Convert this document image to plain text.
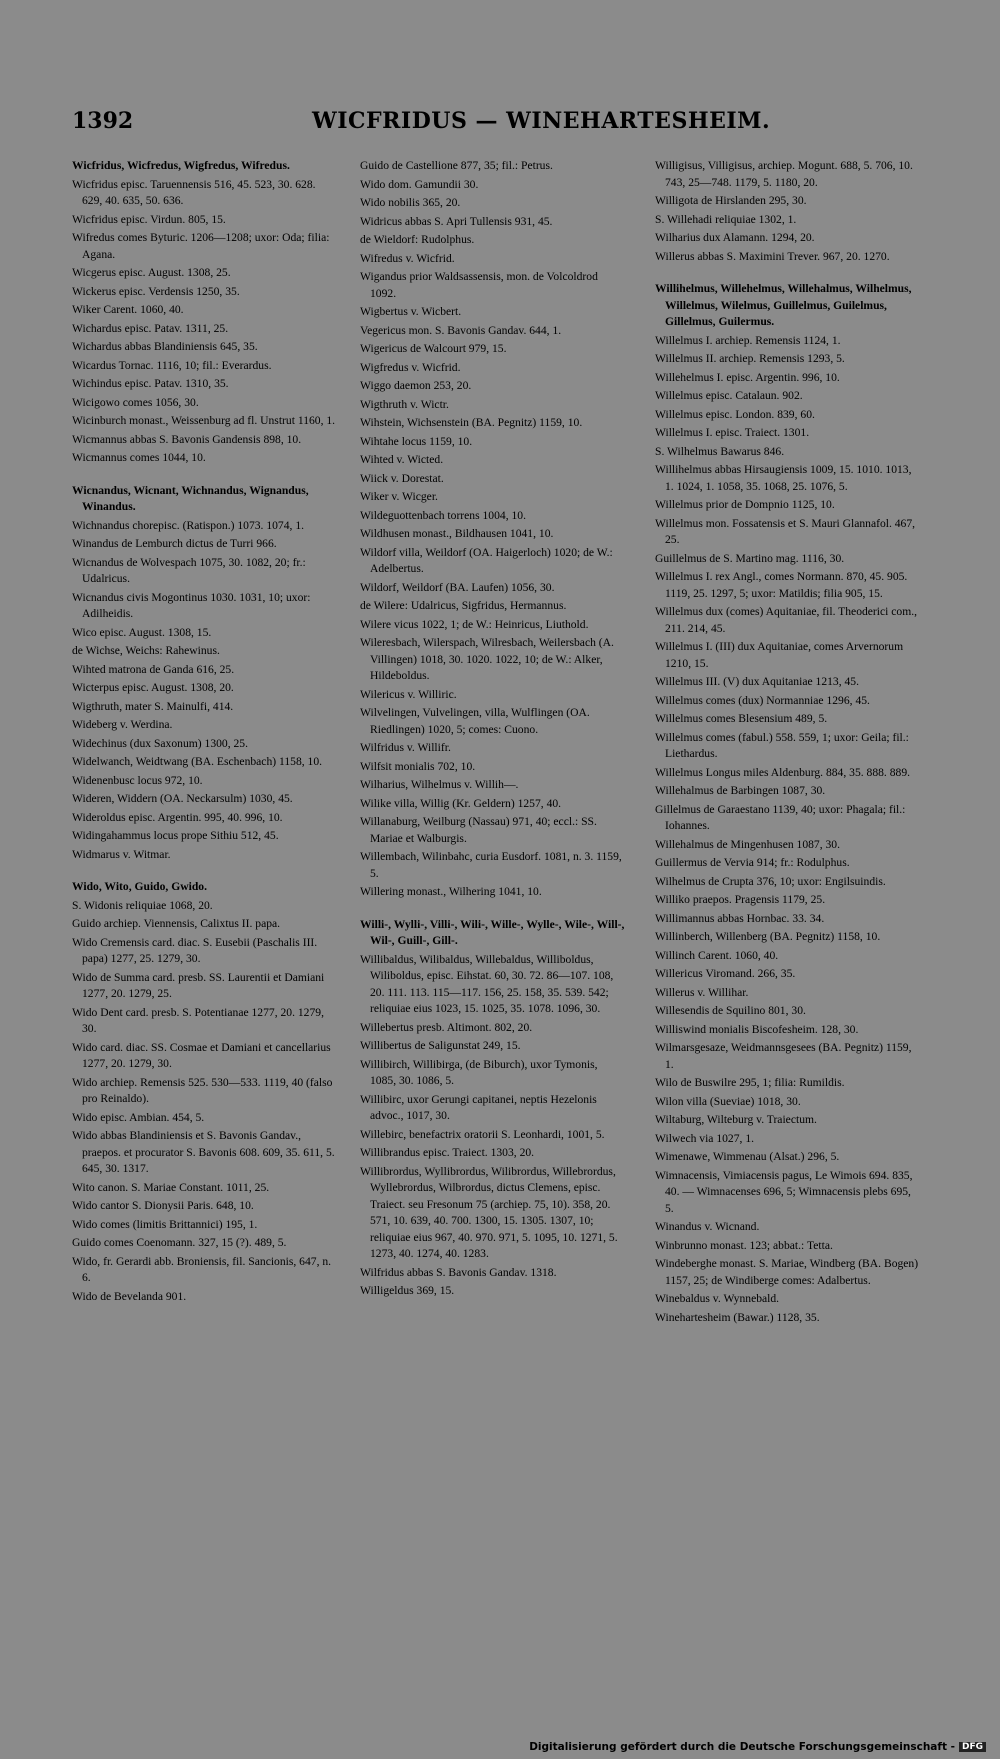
1392	WICFRIDUS — WINEHARTESHEIM.
Wicfridus, Wicfredus, Wigfredus, Wifredus.
Wicfridus episc. Taruennensis 516, 45. 523, 30. 628. 629, 40. 635, 50. 636.
Wicfridus episc. Virdun. 805, 15.
Wifredus comes Byturic. 1206—1208; uxor: Oda; filia: Agana.
Wicgerus episc. August. 1308, 25.
Wickerus episc. Verdensis 1250, 35.
Wiker Carent. 1060, 40.
Wichardus episc. Patav. 1311, 25.
Wichardus abbas Blandiniensis 645, 35.
Wicardus Tornac. 1116, 10; fil.: Everardus.
Wichindus episc. Patav. 1310, 35.
Wicigowo comes 1056, 30.
Wicinburch monast., Weissenburg ad fl. Unstrut 1160, 1.
Wicmannus abbas S. Bavonis Gandensis 898, 10.
Wicmannus comes 1044, 10.
Wicnandus, Wicnant, Wichnandus, Wignandus, Winandus.
Wichnandus chorepisc. (Ratispon.) 1073. 1074, 1.
Winandus de Lemburch dictus de Turri 966.
Wicnandus de Wolvespach 1075, 30. 1082, 20; fr.: Udalricus.
Wicnandus civis Mogontinus 1030. 1031, 10; uxor: Adilheidis.
Wico episc. August. 1308, 15.
de Wichse, Weichs: Rahewinus.
Wihted matrona de Ganda 616, 25.
Wicterpus episc. August. 1308, 20.
Wigthruth, mater S. Mainulfi, 414.
Wideberg v. Werdina.
Widechinus (dux Saxonum) 1300, 25.
Widelwanch, Weidtwang (BA. Eschenbach) 1158, 10.
Widenenbusc locus 972, 10.
Wideren, Widdern (OA. Neckarsulm) 1030, 45.
Wideroldus episc. Argentin. 995, 40. 996, 10.
Widingahammus locus prope Sithiu 512, 45.
Widmarus v. Witmar.
Wido, Wito, Guido, Gwido.
S. Widonis reliquiae 1068, 20.
Guido archiep. Viennensis, Calixtus II. papa.
Wido Cremensis card. diac. S. Eusebii (Paschalis III. papa) 1277, 25. 1279, 30.
Wido de Summa card. presb. SS. Laurentii et Damiani 1277, 20. 1279, 25.
Wido Dent card. presb. S. Potentianae 1277, 20. 1279, 30.
Wido card. diac. SS. Cosmae et Damiani et cancellarius 1277, 20. 1279, 30.
Wido archiep. Remensis 525. 530—533. 1119, 40 (falso pro Reinaldo).
Wido episc. Ambian. 454, 5.
Wido abbas Blandiniensis et S. Bavonis Gandav., praepos. et procurator S. Bavonis 608. 609, 35. 611, 5. 645, 30. 1317.
Wito canon. S. Mariae Constant. 1011, 25.
Wido cantor S. Dionysii Paris. 648, 10.
Wido comes (limitis Brittannici) 195, 1.
Guido comes Coenomann. 327, 15 (?). 489, 5.
Wido, fr. Gerardi abb. Broniensis, fil. Sancionis, 647, n. 6.
Wido de Bevelanda 901.
Guido de Castellione 877, 35; fil.: Petrus.
Wido dom. Gamundii 30.
Wido nobilis 365, 20.
Widricus abbas S. Apri Tullensis 931, 45.
de Wieldorf: Rudolphus.
Wifredus v. Wicfrid.
Wigandus prior Waldsassensis, mon. de Volcoldrod 1092.
Wigbertus v. Wicbert.
Vegericus mon. S. Bavonis Gandav. 644, 1.
Wigericus de Walcourt 979, 15.
Wigfredus v. Wicfrid.
Wiggo daemon 253, 20.
Wigthruth v. Wictr.
Wihstein, Wichsenstein (BA. Pegnitz) 1159, 10.
Wihtahe locus 1159, 10.
Wihted v. Wicted.
Wiick v. Dorestat.
Wiker v. Wicger.
Wildeguottenbach torrens 1004, 10.
Wildhusen monast., Bildhausen 1041, 10.
Wildorf villa, Weildorf (OA. Haigerloch) 1020; de W.: Adelbertus.
Wildorf, Weildorf (BA. Laufen) 1056, 30.
de Wilere: Udalricus, Sigfridus, Hermannus.
Wilere vicus 1022, 1; de W.: Heinricus, Liuthold.
Wileresbach, Wilerspach, Wilresbach, Weilersbach (A. Villingen) 1018, 30. 1020. 1022, 10; de W.: Alker, Hildeboldus.
Wilericus v. Williric.
Wilvelingen, Vulvelingen, villa, Wulflingen (OA. Riedlingen) 1020, 5; comes: Cuono.
Wilfridus v. Willifr.
Wilfsit monialis 702, 10.
Wilharius, Wilhelmus v. Willih—.
Wilike villa, Willig (Kr. Geldern) 1257, 40.
Willanaburg, Weilburg (Nassau) 971, 40; eccl.: SS. Mariae et Walburgis.
Willembach, Wilinbahc, curia Eusdorf. 1081, n. 3. 1159, 5.
Willering monast., Wilhering 1041, 10.
Willi-, Wylli-, Villi-, Wili-, Wille-, Wylle-, Wile-, Will-, Wil-, Guill-, Gill-.
Willibaldus, Wilibaldus, Willebaldus, Williboldus, Wiliboldus, episc. Eihstat. 60, 30. 72. 86—107. 108, 20. 111. 113. 115—117. 156, 25. 158, 35. 539. 542; reliquiae eius 1023, 15. 1025, 35. 1078. 1096, 30.
Willebertus presb. Altimont. 802, 20.
Willibertus de Saligunstat 249, 15.
Willibirch, Willibirga, (de Biburch), uxor Tymonis, 1085, 30. 1086, 5.
Willibirc, uxor Gerungi capitanei, neptis Hezelonis advoc., 1017, 30.
Willebirc, benefactrix oratorii S. Leonhardi, 1001, 5.
Willibrandus episc. Traiect. 1303, 20.
Willibrordus, Wyllibrordus, Wilibrordus, Willebrordus, Wyllebrordus, Wilbrordus, dictus Clemens, episc. Traiect. seu Fresonum 75 (archiep. 75, 10). 358, 20. 571, 10. 639, 40. 700. 1300, 15. 1305. 1307, 10; reliquiae eius 967, 40. 970. 971, 5. 1095, 10. 1271, 5. 1273, 40. 1274, 40. 1283.
Wilfridus abbas S. Bavonis Gandav. 1318.
Willigeldus 369, 15.
Willigisus, Villigisus, archiep. Mogunt. 688, 5. 706, 10. 743, 25—748. 1179, 5. 1180, 20.
Willigota de Hirslanden 295, 30.
S. Willehadi reliquiae 1302, 1.
Wilharius dux Alamann. 1294, 20.
Willerus abbas S. Maximini Trever. 967, 20. 1270.
Willihelmus, Willehelmus, Willehalmus, Wilhelmus, Willelmus, Wilelmus, Guillelmus, Guilelmus, Gillelmus, Guilermus.
Willelmus I. archiep. Remensis 1124, 1.
Willelmus II. archiep. Remensis 1293, 5.
Willehelmus I. episc. Argentin. 996, 10.
Willelmus episc. Catalaun. 902.
Willelmus episc. London. 839, 60.
Willelmus I. episc. Traiect. 1301.
S. Wilhelmus Bawarus 846.
Willihelmus abbas Hirsaugiensis 1009, 15. 1010. 1013, 1. 1024, 1. 1058, 35. 1068, 25. 1076, 5.
Willelmus prior de Dompnio 1125, 10.
Willelmus mon. Fossatensis et S. Mauri Glannafol. 467, 25.
Guillelmus de S. Martino mag. 1116, 30.
Willelmus I. rex Angl., comes Normann. 870, 45. 905. 1119, 25. 1297, 5; uxor: Matildis; filia 905, 15.
Willelmus dux (comes) Aquitaniae, fil. Theoderici com., 211. 214, 45.
Willelmus I. (III) dux Aquitaniae, comes Arvernorum 1210, 15.
Willelmus III. (V) dux Aquitaniae 1213, 45.
Willelmus comes (dux) Normanniae 1296, 45.
Willelmus comes Blesensium 489, 5.
Willelmus comes (fabul.) 558. 559, 1; uxor: Geila; fil.: Liethardus.
Willelmus Longus miles Aldenburg. 884, 35. 888. 889.
Willehalmus de Barbingen 1087, 30.
Gillelmus de Garaestano 1139, 40; uxor: Phagala; fil.: Iohannes.
Willehalmus de Mingenhusen 1087, 30.
Guillermus de Vervia 914; fr.: Rodulphus.
Wilhelmus de Crupta 376, 10; uxor: Engilsuindis.
Williko praepos. Pragensis 1179, 25.
Willimannus abbas Hornbac. 33. 34.
Willinberch, Willenberg (BA. Pegnitz) 1158, 10.
Willinch Carent. 1060, 40.
Willericus Viromand. 266, 35.
Willerus v. Willihar.
Willesendis de Squilino 801, 30.
Williswind monialis Biscofesheim. 128, 30.
Wilmarsgesaze, Weidmannsgesees (BA. Pegnitz) 1159, 1.
Wilo de Buswilre 295, 1; filia: Rumildis.
Wilon villa (Sueviae) 1018, 30.
Wiltaburg, Wilteburg v. Traiectum.
Wilwech via 1027, 1.
Wimenawe, Wimmenau (Alsat.) 296, 5.
Wimnacensis, Vimiacensis pagus, Le Wimois 694. 835, 40. — Wimnacenses 696, 5; Wimnacensis plebs 695, 5.
Winandus v. Wicnand.
Winbrunno monast. 123; abbat.: Tetta.
Windeberghe monast. S. Mariae, Windberg (BA. Bogen) 1157, 25; de Windiberge comes: Adalbertus.
Winebaldus v. Wynnebald.
Winehartesheim (Bawar.) 1128, 35.
Digitalisierung gefördert durch die Deutsche Forschungsgemeinschaft - DFG
